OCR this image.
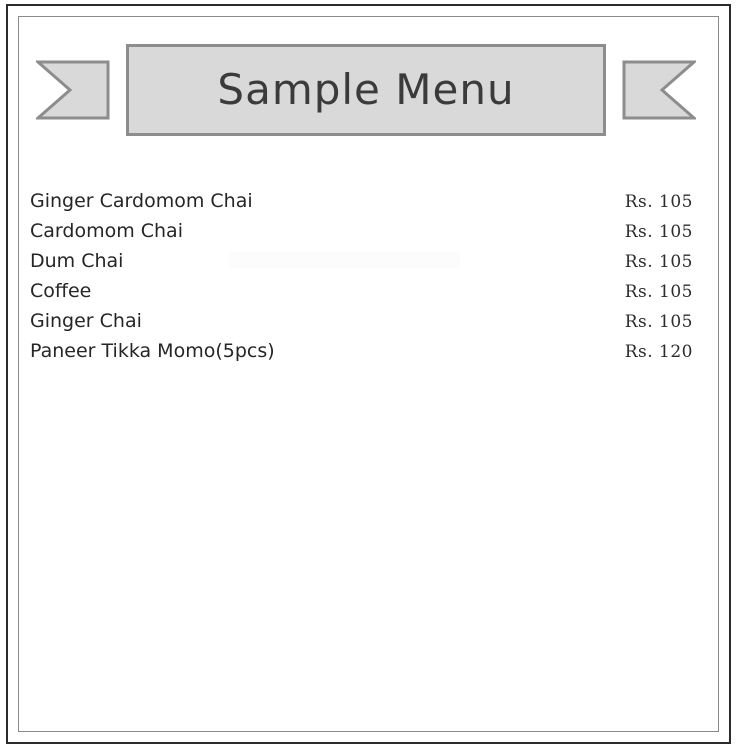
Sample Menu
Ginger Cardomom Chai	Rs. 105
Cardomom Chai	Rs. 105
Dum Chai	Rs. 105
Coffee	Rs. 105
Ginger Chai	Rs. 105
Paneer Tikka Momo(5pcs)	Rs. 120
